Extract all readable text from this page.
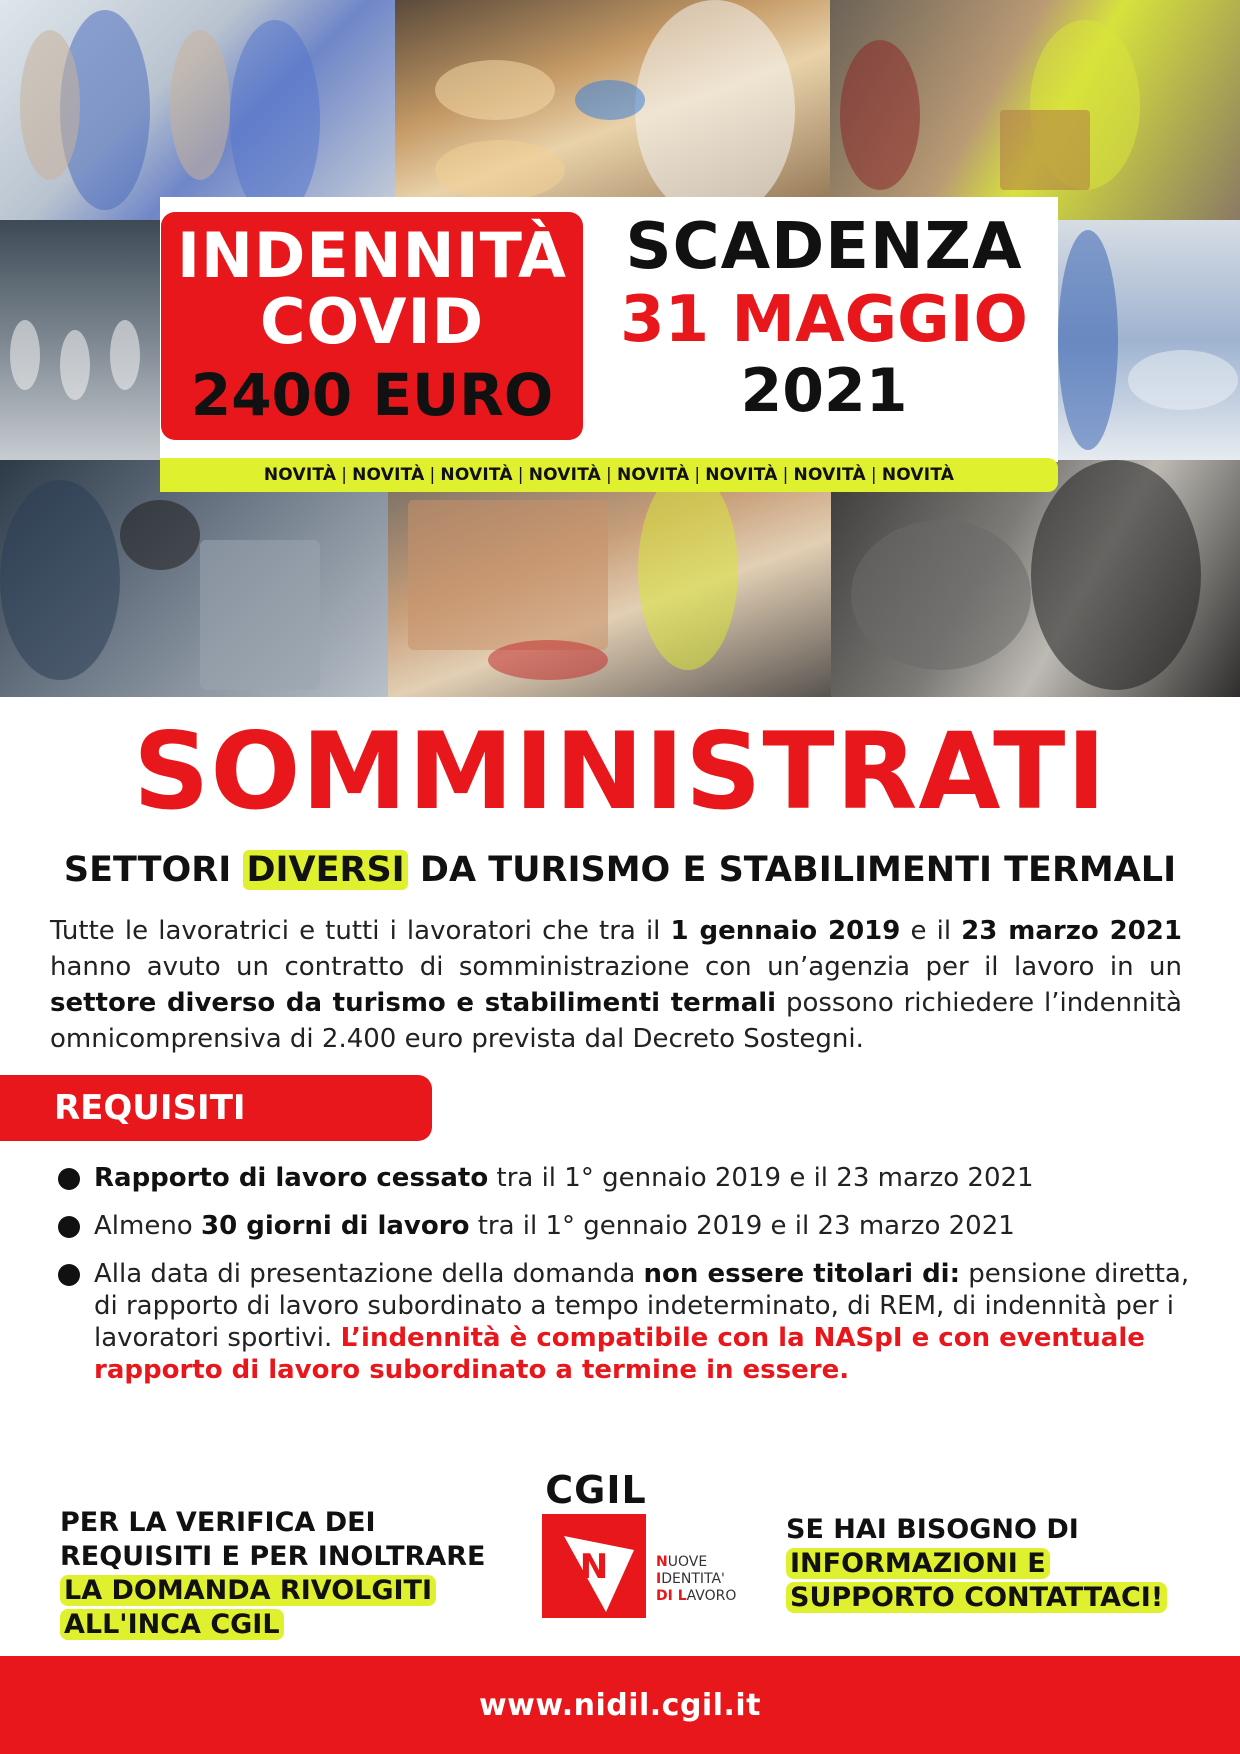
INDENNITÀ
COVID
2400 EURO
SCADENZA
31 MAGGIO
2021
NOVITÀ | NOVITÀ | NOVITÀ | NOVITÀ | NOVITÀ | NOVITÀ | NOVITÀ | NOVITÀ
SOMMINISTRATI
SETTORI DIVERSI DA TURISMO E STABILIMENTI TERMALI
Tutte le lavoratrici e tutti i lavoratori che tra il 1 gennaio 2019 e il 23 marzo 2021 hanno avuto un contratto di somministrazione con un’agenzia per il lavoro in un settore diverso da turismo e stabilimenti termali possono richiedere l’indennità omnicomprensiva di 2.400 euro prevista dal Decreto Sostegni.
REQUISITI
Rapporto di lavoro cessato tra il 1° gennaio 2019 e il 23 marzo 2021
Almeno 30 giorni di lavoro tra il 1° gennaio 2019 e il 23 marzo 2021
Alla data di presentazione della domanda non essere titolari di: pensione diretta, di rapporto di lavoro subordinato a tempo indeterminato, di REM, di indennità per i lavoratori sportivi. L’indennità è compatibile con la NASpI e con eventuale rapporto di lavoro subordinato a termine in essere.
PER LA VERIFICA DEI
REQUISITI E PER INOLTRARE
LA DOMANDA RIVOLGITI
ALL'INCA CGIL
CGIL
N	NUOVE
IDENTITA'
DI LAVORO
SE HAI BISOGNO DI
INFORMAZIONI E
SUPPORTO CONTATTACI!
www.nidil.cgil.it
